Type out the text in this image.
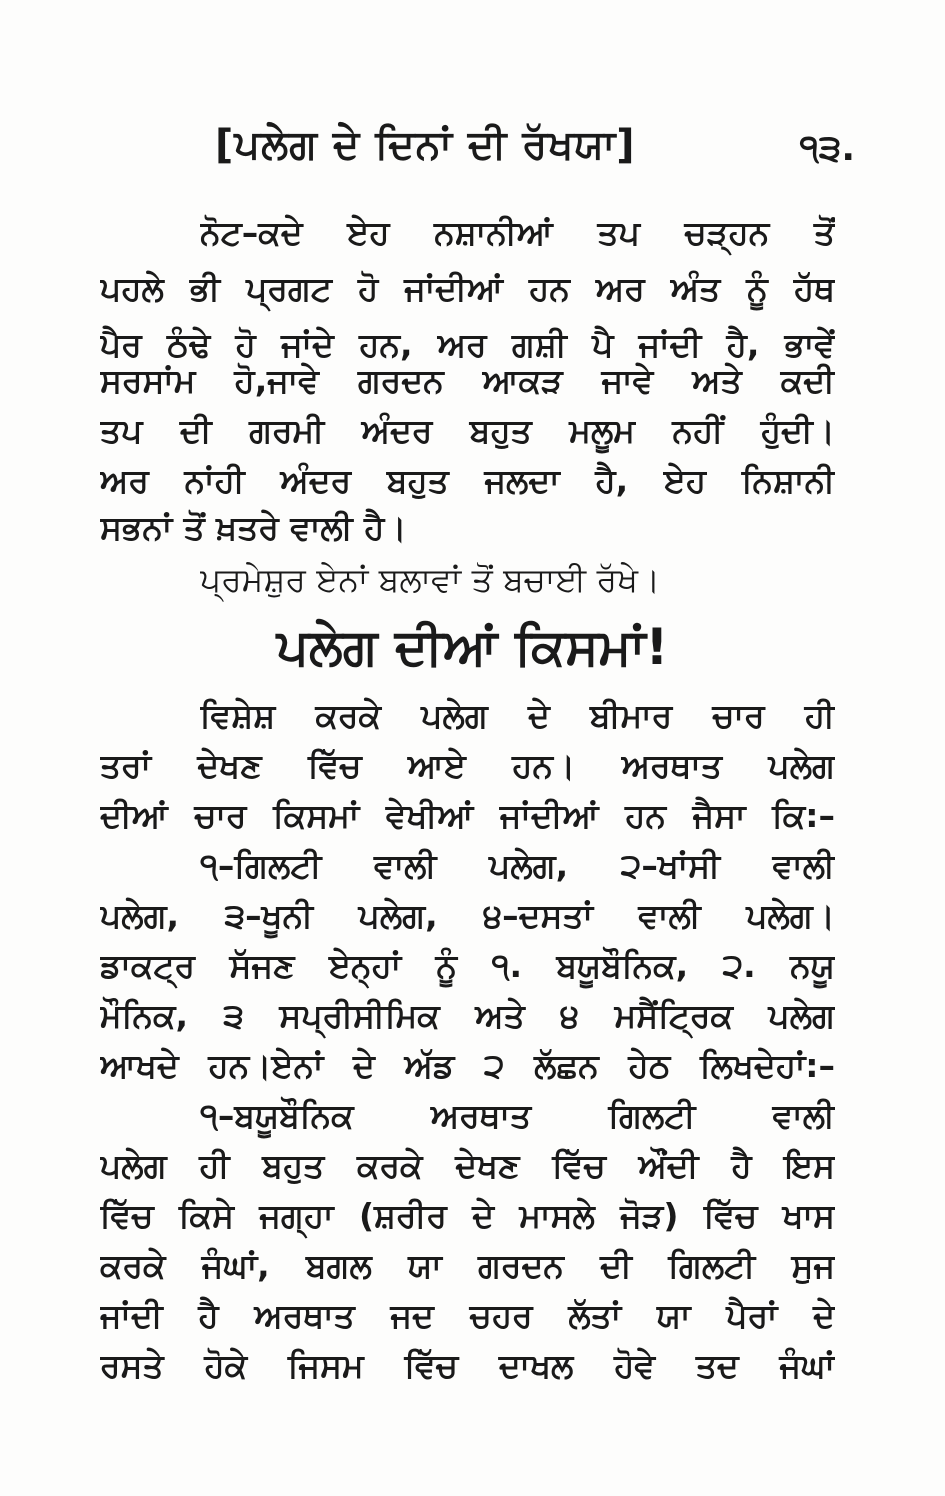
[ਪਲੇਗ ਦੇ ਦਿਨਾਂ ਦੀ ਰੱਖਯਾ]	੧੩.
ਨੋਟ–ਕਦੇ ਏਹ ਨਸ਼ਾਨੀਆਂ ਤਪ ਚੜ੍ਹਨ ਤੋਂ
ਪਹਲੇ ਭੀ ਪ੍ਰਗਟ ਹੋ ਜਾਂਦੀਆਂ ਹਨ ਅਰ ਅੰਤ ਨੂੰ ਹੱਥ
ਪੈਰ ਠੰਢੇ ਹੋ ਜਾਂਦੇ ਹਨ, ਅਰ ਗਸ਼ੀ ਪੈ ਜਾਂਦੀ ਹੈ, ਭਾਵੇਂ
ਸਰਸਾਂਮ ਹੋ,ਜਾਵੇ ਗਰਦਨ ਆਕੜ ਜਾਵੇ ਅਤੇ ਕਦੀ
ਤਪ ਦੀ ਗਰਮੀ ਅੰਦਰ ਬਹੁਤ ਮਲੂਮ ਨਹੀਂ ਹੁੰਦੀ।
ਅਰ ਨਾਂਹੀ ਅੰਦਰ ਬਹੁਤ ਜਲਦਾ ਹੈ, ਏਹ ਨਿਸ਼ਾਨੀ
ਸਭਨਾਂ ਤੋਂ ਖ਼ਤਰੇ ਵਾਲੀ ਹੈ।
ਪ੍ਰਮੇਸ਼ੁਰ ਏਨਾਂ ਬਲਾਵਾਂ ਤੋਂ ਬਚਾਈ ਰੱਖੇ।
ਪਲੇਗ ਦੀਆਂ ਕਿਸਮਾਂ!
ਵਿਸ਼ੇਸ਼ ਕਰਕੇ ਪਲੇਗ ਦੇ ਬੀਮਾਰ ਚਾਰ ਹੀ
ਤਰਾਂ ਦੇਖਣ ਵਿੱਚ ਆਏ ਹਨ। ਅਰਥਾਤ ਪਲੇਗ
ਦੀਆਂ ਚਾਰ ਕਿਸਮਾਂ ਵੇਖੀਆਂ ਜਾਂਦੀਆਂ ਹਨ ਜੈਸਾ ਕਿ:–
੧–ਗਿਲਟੀ ਵਾਲੀ ਪਲੇਗ, ੨–ਖਾਂਸੀ ਵਾਲੀ
ਪਲੇਗ, ੩–ਖੂਨੀ ਪਲੇਗ, ੪–ਦਸਤਾਂ ਵਾਲੀ ਪਲੇਗ।
ਡਾਕਟ੍ਰ ਸੱਜਣ ਏਨ੍ਹਾਂ ਨੂੰ ੧. ਬਯੂਬੌਨਿਕ, ੨. ਨਯੂ
ਮੌਨਿਕ, ੩ ਸਪ੍ਰੀਸੀਮਿਕ ਅਤੇ ੪ ਮਸੈਂਟ੍ਰਿਕ ਪਲੇਗ
ਆਖਦੇ ਹਨ।ਏਨਾਂ ਦੇ ਅੱਡ ੨ ਲੱਛਨ ਹੇਠ ਲਿਖਦੇਹਾਂ:–
੧–ਬਯੂਬੌਨਿਕ ਅਰਥਾਤ ਗਿਲਟੀ ਵਾਲੀ
ਪਲੇਗ ਹੀ ਬਹੁਤ ਕਰਕੇ ਦੇਖਣ ਵਿੱਚ ਔਂਦੀ ਹੈ ਇਸ
ਵਿੱਚ ਕਿਸੇ ਜਗ੍ਹਾ (ਸ਼ਰੀਰ ਦੇ ਮਾਸਲੇ ਜੋੜ) ਵਿੱਚ ਖਾਸ
ਕਰਕੇ ਜੰਘਾਂ, ਬਗਲ ਯਾ ਗਰਦਨ ਦੀ ਗਿਲਟੀ ਸੁਜ
ਜਾਂਦੀ ਹੈ ਅਰਥਾਤ ਜਦ ਚਹਰ ਲੱਤਾਂ ਯਾ ਪੈਰਾਂ ਦੇ
ਰਸਤੇ ਹੋਕੇ ਜਿਸਮ ਵਿੱਚ ਦਾਖਲ ਹੋਵੇ ਤਦ ਜੰਘਾਂ
